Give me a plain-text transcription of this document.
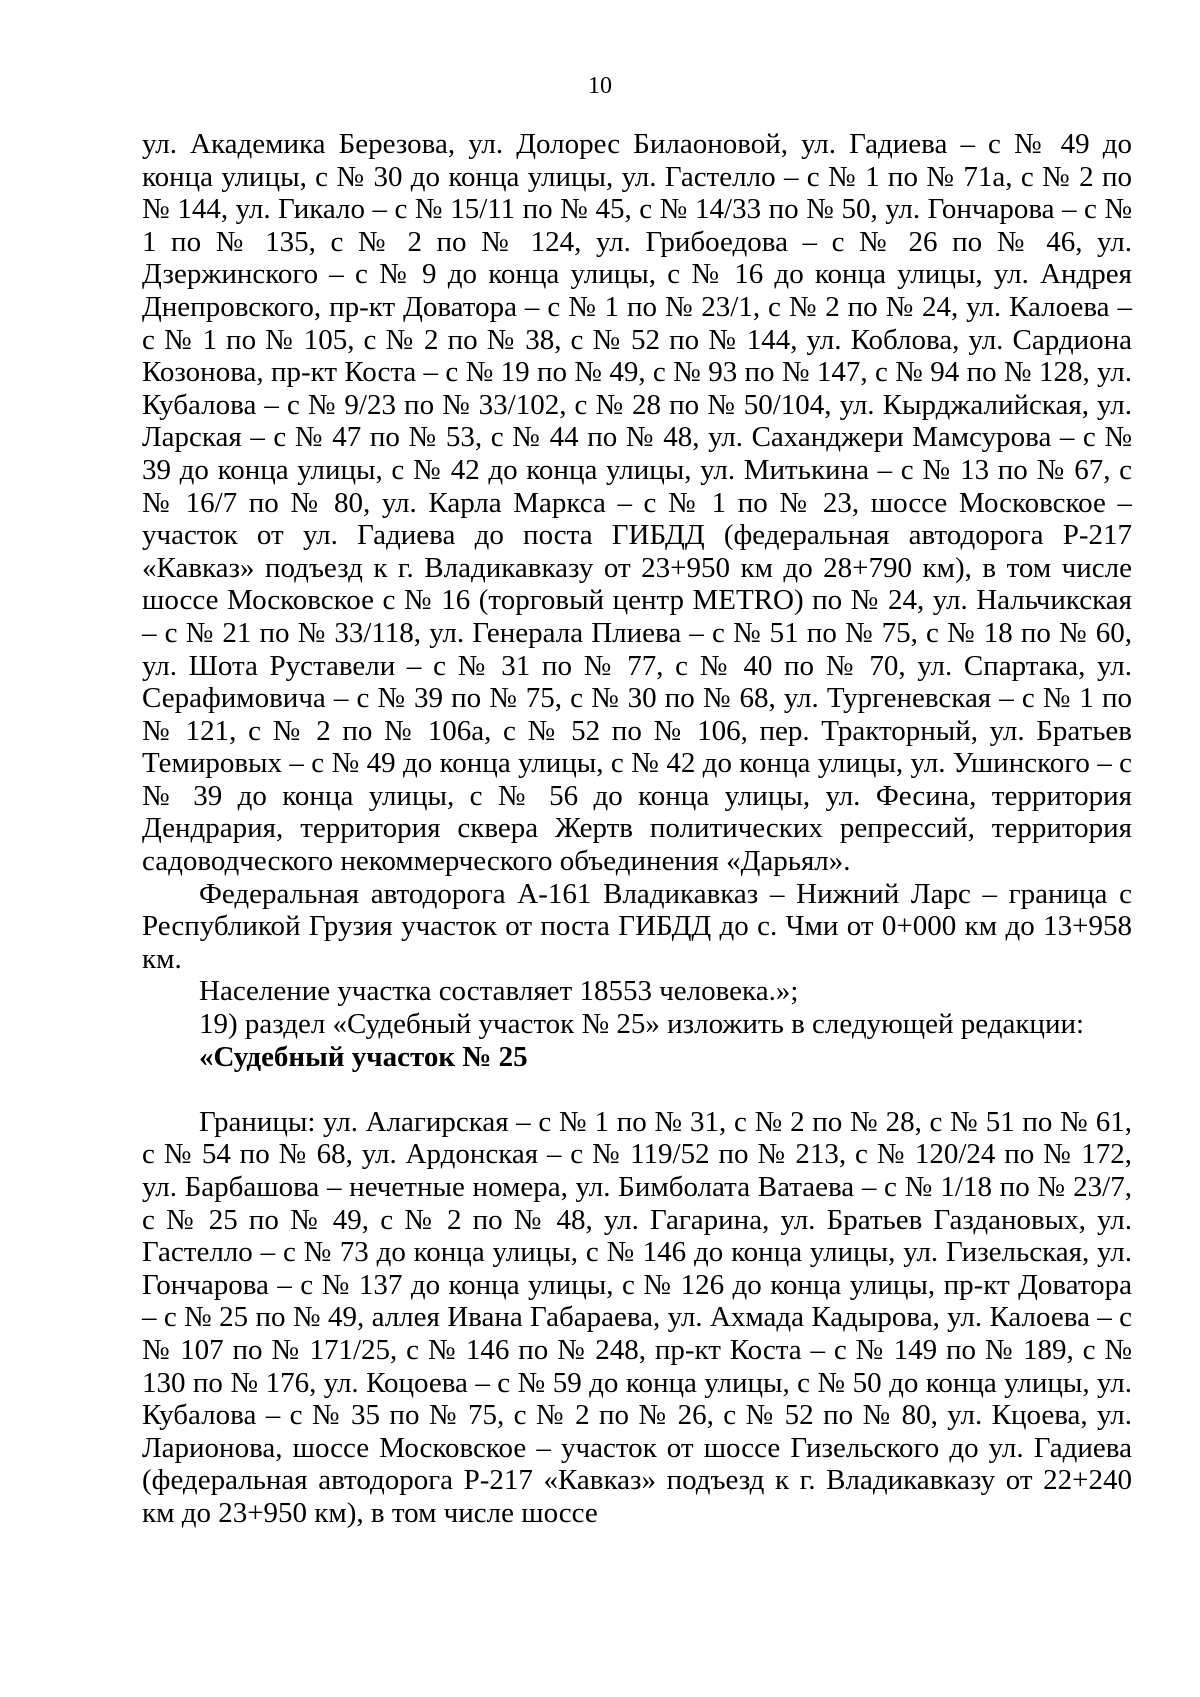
10

ул. Академика Березова, ул. Долорес Билаоновой, ул. Гадиева – с № 49 до конца улицы, с № 30 до конца улицы, ул. Гастелло – с № 1 по № 71а, с № 2 по № 144, ул. Гикало – с № 15/11 по № 45, с № 14/33 по № 50, ул. Гончарова – с № 1 по № 135, с № 2 по № 124, ул. Грибоедова – с № 26 по № 46, ул. Дзержинского – с № 9 до конца улицы, с № 16 до конца улицы, ул. Андрея Днепровского, пр-кт Доватора – с № 1 по № 23/1, с № 2 по № 24, ул. Калоева – с № 1 по № 105, с № 2 по № 38, с № 52 по № 144, ул. Коблова, ул. Сардиона Козонова, пр-кт Коста – с № 19 по № 49, с № 93 по № 147, с № 94 по № 128, ул. Кубалова – с № 9/23 по № 33/102, с № 28 по № 50/104, ул. Кырджалийская, ул. Ларская – с № 47 по № 53, с № 44 по № 48, ул. Саханджери Мамсурова – с № 39 до конца улицы, с № 42 до конца улицы, ул. Митькина – с № 13 по № 67, с № 16/7 по № 80, ул. Карла Маркса – с № 1 по № 23, шоссе Московское – участок от ул. Гадиева до поста ГИБДД (федеральная автодорога Р-217 «Кавказ» подъезд к г. Владикавказу от 23+950 км до 28+790 км), в том числе шоссе Московское с № 16 (торговый центр METRO) по № 24, ул. Нальчикская – с № 21 по № 33/118, ул. Генерала Плиева – с № 51 по № 75, с № 18 по № 60, ул. Шота Руставели – с № 31 по № 77, с № 40 по № 70, ул. Спартака, ул. Серафимовича – с № 39 по № 75, с № 30 по № 68, ул. Тургеневская – с № 1 по № 121, с № 2 по № 106а, с № 52 по № 106, пер. Тракторный, ул. Братьев Темировых – с № 49 до конца улицы, с № 42 до конца улицы, ул. Ушинского – с № 39 до конца улицы, с № 56 до конца улицы, ул. Фесина, территория Дендрария, территория сквера Жертв политических репрессий, территория садоводческого некоммерческого объединения «Дарьял».

Федеральная автодорога А-161 Владикавказ – Нижний Ларс – граница с Республикой Грузия участок от поста ГИБДД до с. Чми от 0+000 км до 13+958 км.

Население участка составляет 18553 человека.»;

19) раздел «Судебный участок № 25» изложить в следующей редакции:

«Судебный участок № 25

Границы: ул. Алагирская – с № 1 по № 31, с № 2 по № 28, с № 51 по № 61, с № 54 по № 68, ул. Ардонская – с № 119/52 по № 213, с № 120/24 по № 172, ул. Барбашова – нечетные номера, ул. Бимболата Ватаева – с № 1/18 по № 23/7, с № 25 по № 49, с № 2 по № 48, ул. Гагарина, ул. Братьев Газдановых, ул. Гастелло – с № 73 до конца улицы, с № 146 до конца улицы, ул. Гизельская, ул. Гончарова – с № 137 до конца улицы, с № 126 до конца улицы, пр-кт Доватора – с № 25 по № 49, аллея Ивана Габараева, ул. Ахмада Кадырова, ул. Калоева – с № 107 по № 171/25, с № 146 по № 248, пр-кт Коста – с № 149 по № 189, с № 130 по № 176, ул. Коцоева – с № 59 до конца улицы, с № 50 до конца улицы, ул. Кубалова – с № 35 по № 75, с № 2 по № 26, с № 52 по № 80, ул. Кцоева, ул. Ларионова, шоссе Московское – участок от шоссе Гизельского до ул. Гадиева (федеральная автодорога Р-217 «Кавказ» подъезд к г. Владикавказу от 22+240 км до 23+950 км), в том числе шоссе
